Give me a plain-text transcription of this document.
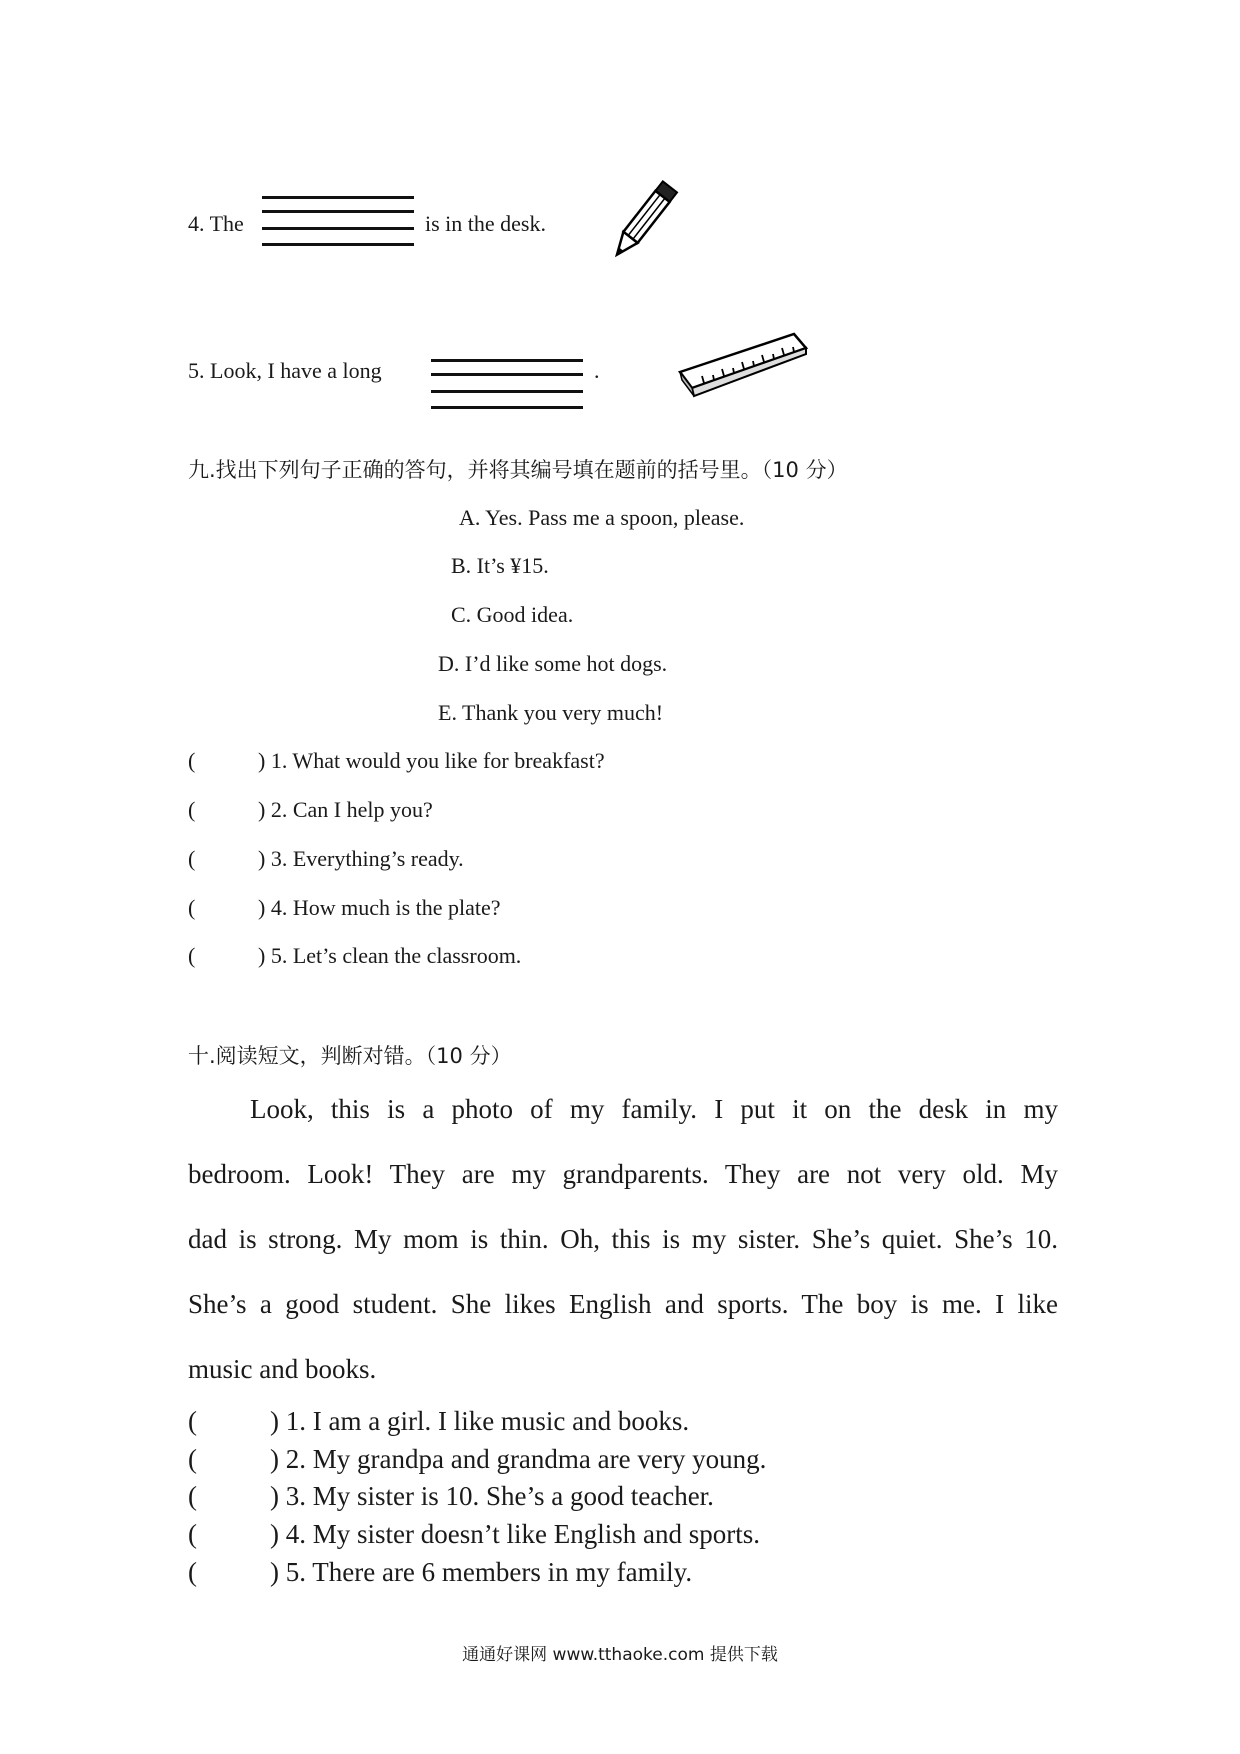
4. The	is in the desk.
5. Look, I have a long	.
九.找出下列句子正确的答句，并将其编号填在题前的括号里。（10 分）
A. Yes. Pass me a spoon, please.
B. It’s ¥15.
C. Good idea.
D. I’d like some hot dogs.
E. Thank you very much!
(	) 1. What would you like for breakfast?
(	) 2. Can I help you?
(	) 3. Everything’s ready.
(	) 4. How much is the plate?
(	) 5. Let’s clean the classroom.
十.阅读短文，判断对错。（10 分）
Look, this is a photo of my family. I put it on the desk in my
bedroom. Look! They are my grandparents. They are not very old. My
dad is strong. My mom is thin. Oh, this is my sister. She’s quiet. She’s 10.
She’s a good student. She likes English and sports. The boy is me. I like
music and books.
(	) 1. I am a girl. I like music and books.
(	) 2. My grandpa and grandma are very young.
(	) 3. My sister is 10. She’s a good teacher.
(	) 4. My sister doesn’t like English and sports.
(	) 5. There are 6 members in my family.
通通好课网 www.tthaoke.com 提供下载
